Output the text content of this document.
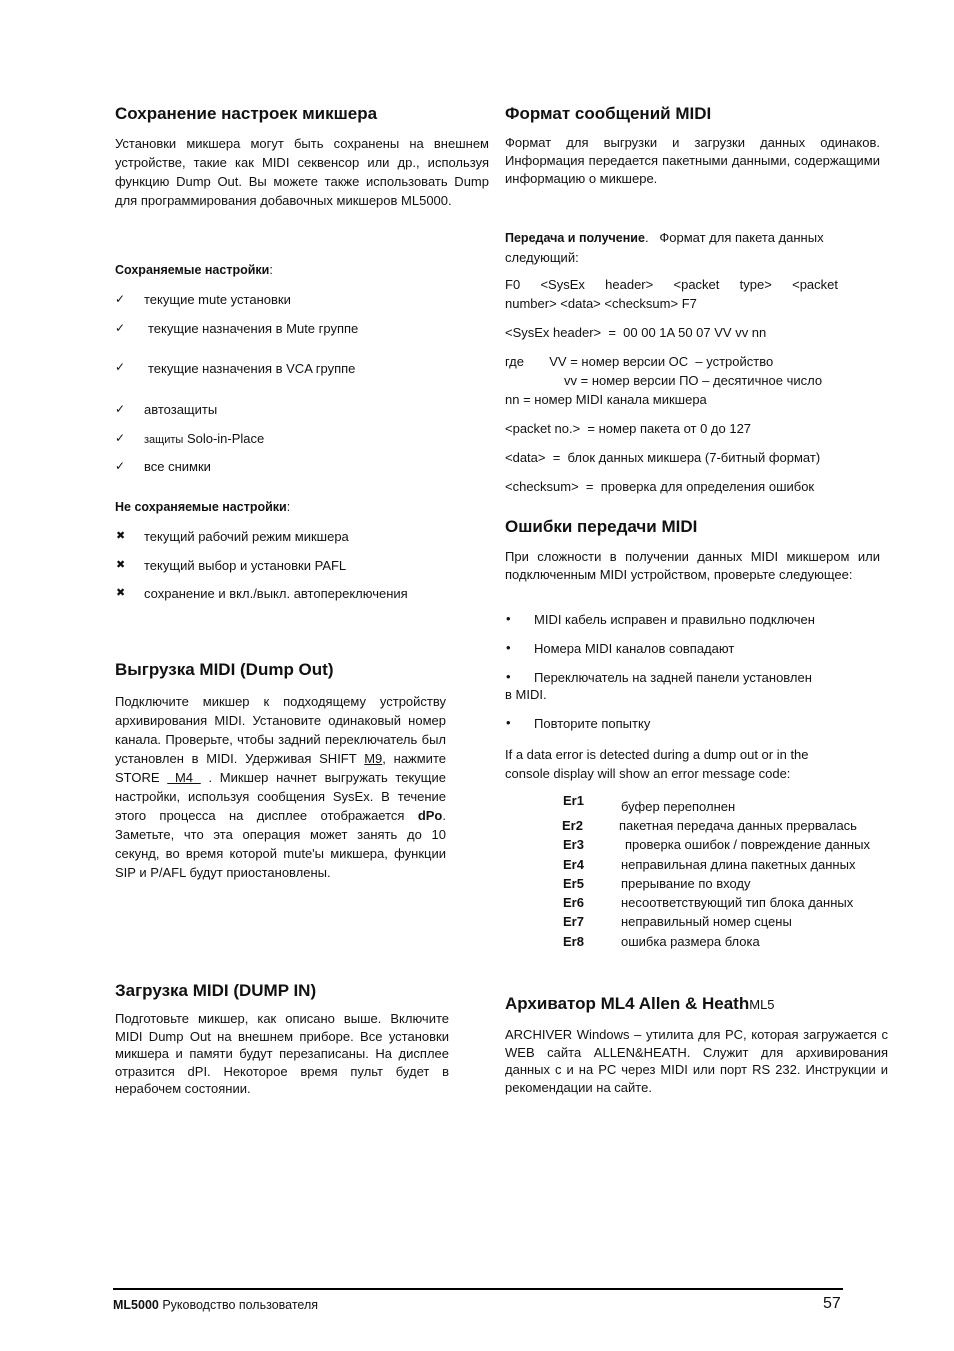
Сохранение настроек микшера
Установки микшера могут быть сохранены на внешнем устройстве, такие как MIDI секвенсор или др., используя функцию Dump Out. Вы можете также использовать Dump для программирования добавочных микшеров ML5000.
Сохраняемые настройки:
✓ текущие mute установки
✓ текущие назначения в Mute группе
✓ текущие назначения в VCA группе
✓ автозащиты
✓ защиты Solo-in-Place
✓ все снимки
Не сохраняемые настройки:
✖ текущий рабочий режим микшера
✖ текущий выбор и установки PAFL
✖ сохранение и вкл./выкл. автопереключения
Выгрузка MIDI (Dump Out)
Подключите микшер к подходящему устройству архивирования MIDI. Установите одинаковый номер канала. Проверьте, чтобы задний переключатель был установлен в MIDI. Удерживая SHIFT M9, нажмите STORE  M4  . Микшер начнет выгружать текущие настройки, используя сообщения SysEx. В течение этого процесса на дисплее отображается dPo. Заметьте, что эта операция может занять до 10 секунд, во время которой mute'ы микшера, функции SIP и P/AFL будут приостановлены.
Загрузка MIDI (DUMP IN)
Подготовьте микшер, как описано выше. Включите MIDI Dump Out на внешнем приборе. Все установки микшера и памяти будут перезаписаны. На дисплее отразится dPI. Некоторое время пульт будет в нерабочем состоянии.
Формат сообщений MIDI
Формат для выгрузки и загрузки данных одинаков. Информация передается пакетными данными, содержащими информацию о микшере.
Передача и получение.   Формат для пакета данных следующий:
F0 <SysEx header> <packet type> <packet
number> <data> <checksum> F7
<SysEx header>  =  00 00 1A 50 07 VV vv nn
где       VV = номер версии ОС  – устройство
vv = номер версии ПО – десятичное число
nn = номер MIDI канала микшера
<packet no.>  = номер пакета от 0 до 127
<data>  =  блок данных микшера (7-битный формат)
<checksum>  =  проверка для определения ошибок
Ошибки передачи MIDI
При сложности в получении данных MIDI микшером или подключенным MIDI устройством, проверьте следующее:
• MIDI кабель исправен и правильно подключен
• Номера MIDI каналов совпадают
• Переключатель на задней панели установлен
в MIDI.
• Повторите попытку
If a data error is detected during a dump out or in the console display will show an error message code:
Er1	буфер переполнен
Er2	пакетная передача данных прервалась
Er3	проверка ошибок / повреждение данных
Er4	неправильная длина пакетных данных
Er5	прерывание по входу
Er6	несоответствующий тип блока данных
Er7	неправильный номер сцены
Er8	ошибка размера блока
Архиватор ML4 Allen & HeathML5
ARCHIVER Windows – утилита для PC, которая загружается с WEB сайта ALLEN&HEATH. Служит для архивирования данных с и на PC через MIDI или порт RS 232. Инструкции и рекомендации на сайте.
ML5000 Руководство пользователя	57
